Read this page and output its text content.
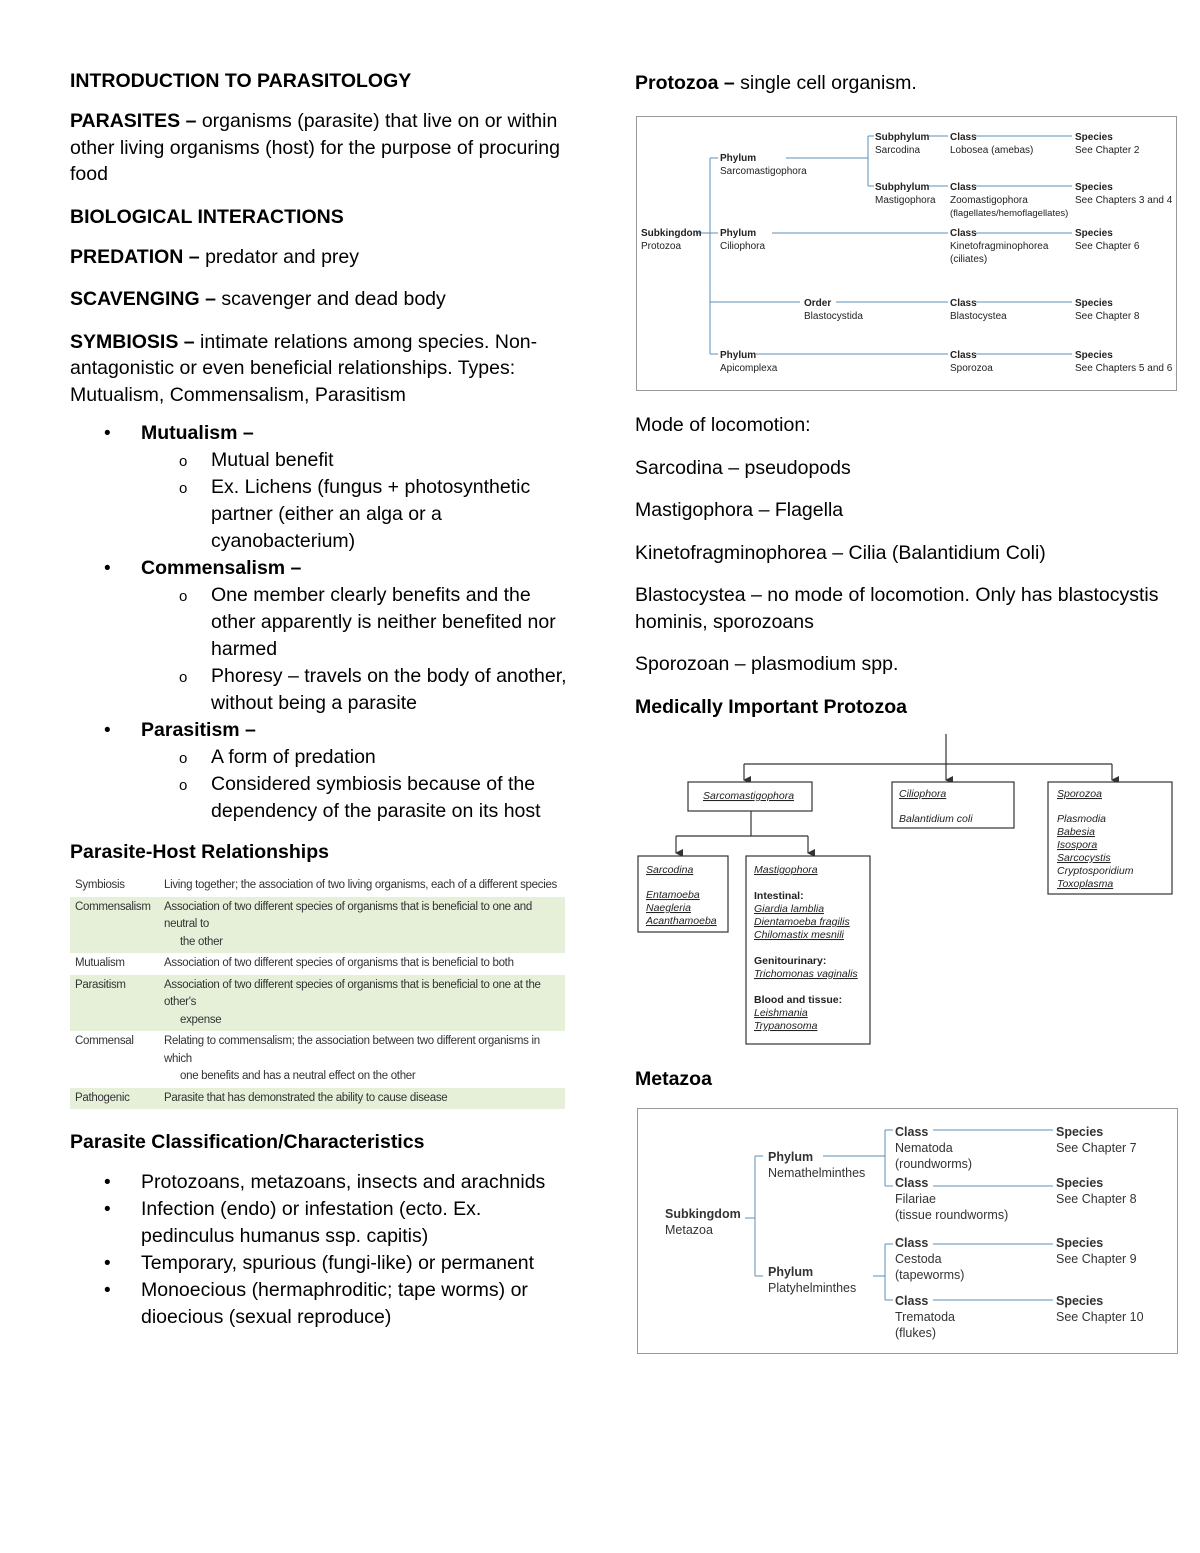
INTRODUCTION TO PARASITOLOGY
PARASITES – organisms (parasite) that live on or within other living organisms (host) for the purpose of procuring food
BIOLOGICAL INTERACTIONS
PREDATION – predator and prey
SCAVENGING – scavenger and dead body
SYMBIOSIS – intimate relations among species. Non-antagonistic or even beneficial relationships. Types: Mutualism, Commensalism, Parasitism
• Mutualism –
o Mutual benefit
o Ex. Lichens (fungus + photosynthetic partner (either an alga or a cyanobacterium)
• Commensalism –
o One member clearly benefits and the other apparently is neither benefited nor harmed
o Phoresy – travels on the body of another, without being a parasite
• Parasitism –
o A form of predation
o Considered symbiosis because of the dependency of the parasite on its host
Parasite-Host Relationships
Symbiosis	Living together; the association of two living organisms, each of a different species
Commensalism	Association of two different species of organisms that is beneficial to one and neutral to
the other

Mutualism	Association of two different species of organisms that is beneficial to both
Parasitism	Association of two different species of organisms that is beneficial to one at the other's
expense

Commensal	Relating to commensalism; the association between two different organisms in which
one benefits and has a neutral effect on the other

Pathogenic	Parasite that has demonstrated the ability to cause disease
Parasite Classification/Characteristics
• Protozoans, metazoans, insects and arachnids
• Infection (endo) or infestation (ecto. Ex. pedinculus humanus ssp. capitis)
• Temporary, spurious (fungi-like) or permanent
• Monoecious (hermaphroditic; tape worms) or dioecious (sexual reproduce)
Protozoa – single cell organism.
Subkingdom
Protozoa
Phylum
Sarcomastigophora
Subphylum
Sarcodina
Class
Lobosea (amebas)
Species
See Chapter 2
Subphylum
Mastigophora
Class
Zoomastigophora
(flagellates/hemoflagellates)
Species
See Chapters 3 and 4
Phylum
Ciliophora
Class
Kinetofragminophorea
(ciliates)
Species
See Chapter 6
Order
Blastocystida
Class
Blastocystea
Species
See Chapter 8
Phylum
Apicomplexa
Class
Sporozoa
Species
See Chapters 5 and 6
Mode of locomotion:
Sarcodina – pseudopods
Mastigophora – Flagella
Kinetofragminophorea – Cilia (Balantidium Coli)
Blastocystea – no mode of locomotion. Only has blastocystis hominis, sporozoans
Sporozoan – plasmodium spp.
Medically Important Protozoa
Sarcomastigophora	Ciliophora
Balantidium coli
Sporozoa
Plasmodia
Babesia
Isospora
Sarcocystis
Cryptosporidium
Toxoplasma
Sarcodina
Entamoeba
Naegleria
Acanthamoeba
Mastigophora
Intestinal:
Giardia lamblia
Dientamoeba fragilis
Chilomastix mesnili
Genitourinary:
Trichomonas vaginalis
Blood and tissue:
Leishmania
Trypanosoma
Metazoa
Subkingdom
Metazoa
Phylum
Nemathelminthes
Phylum
Platyhelminthes
Class
Nematoda
(roundworms)
Species
See Chapter 7
Class
Filariae
(tissue roundworms)
Species
See Chapter 8
Class
Cestoda
(tapeworms)
Species
See Chapter 9
Class
Trematoda
(flukes)
Species
See Chapter 10
